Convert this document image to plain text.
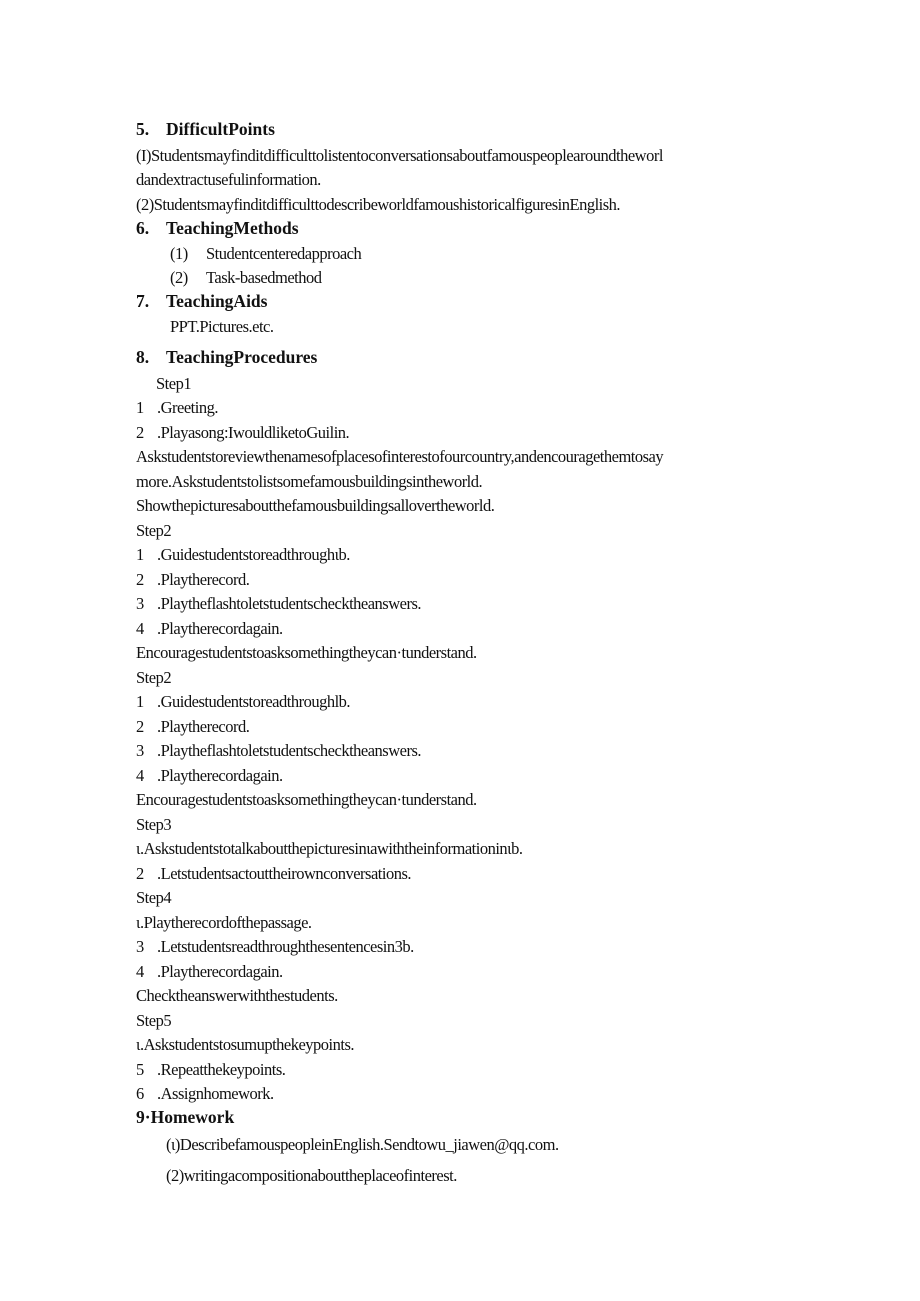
5. DifficultPoints
(I)Studentsmayfinditdifficulttolistentoconversationsaboutfamouspeoplearoundtheworl
dandextractusefulinformation.
(2)StudentsmayfinditdifficulttodescribeworldfamoushistoricalfiguresinEnglish.
6. TeachingMethods
(1) Studentcenteredapproach
(2) Task-basedmethod
7. TeachingAids
PPT.Pictures.etc.
8. TeachingProcedures
Step1
1 .Greeting.
2 .Playasong:IwouldliketoGuilin.
Askstudentstoreviewthenamesofplacesofinterestofourcountry,andencouragethemtosay
more.Askstudentstolistsomefamousbuildingsintheworld.
Showthepicturesaboutthefamousbuildingsallovertheworld.
Step2
1 .Guidestudentstoreadthroughιb.
2 .Playtherecord.
3 .Playtheflashtoletstudentschecktheanswers.
4 .Playtherecordagain.
Encouragestudentstoasksomethingtheycan·tunderstand.
Step2
1 .Guidestudentstoreadthroughlb.
2 .Playtherecord.
3 .Playtheflashtoletstudentschecktheanswers.
4 .Playtherecordagain.
Encouragestudentstoasksomethingtheycan·tunderstand.
Step3
ι.Askstudentstotalkaboutthepicturesinιawiththeinformationinιb.
2 .Letstudentsactouttheirownconversations.
Step4
ι.Playtherecordofthepassage.
3 .Letstudentsreadthroughthesentencesin3b.
4 .Playtherecordagain.
Checktheanswerwiththestudents.
Step5
ι.Askstudentstosumupthekeypoints.
5 .Repeatthekeypoints.
6 .Assignhomework.
9·Homework
(ι)DescribefamouspeopleinEnglish.Sendtowu_jiawen@qq.com.
(2)writingacompositionabouttheplaceofinterest.
